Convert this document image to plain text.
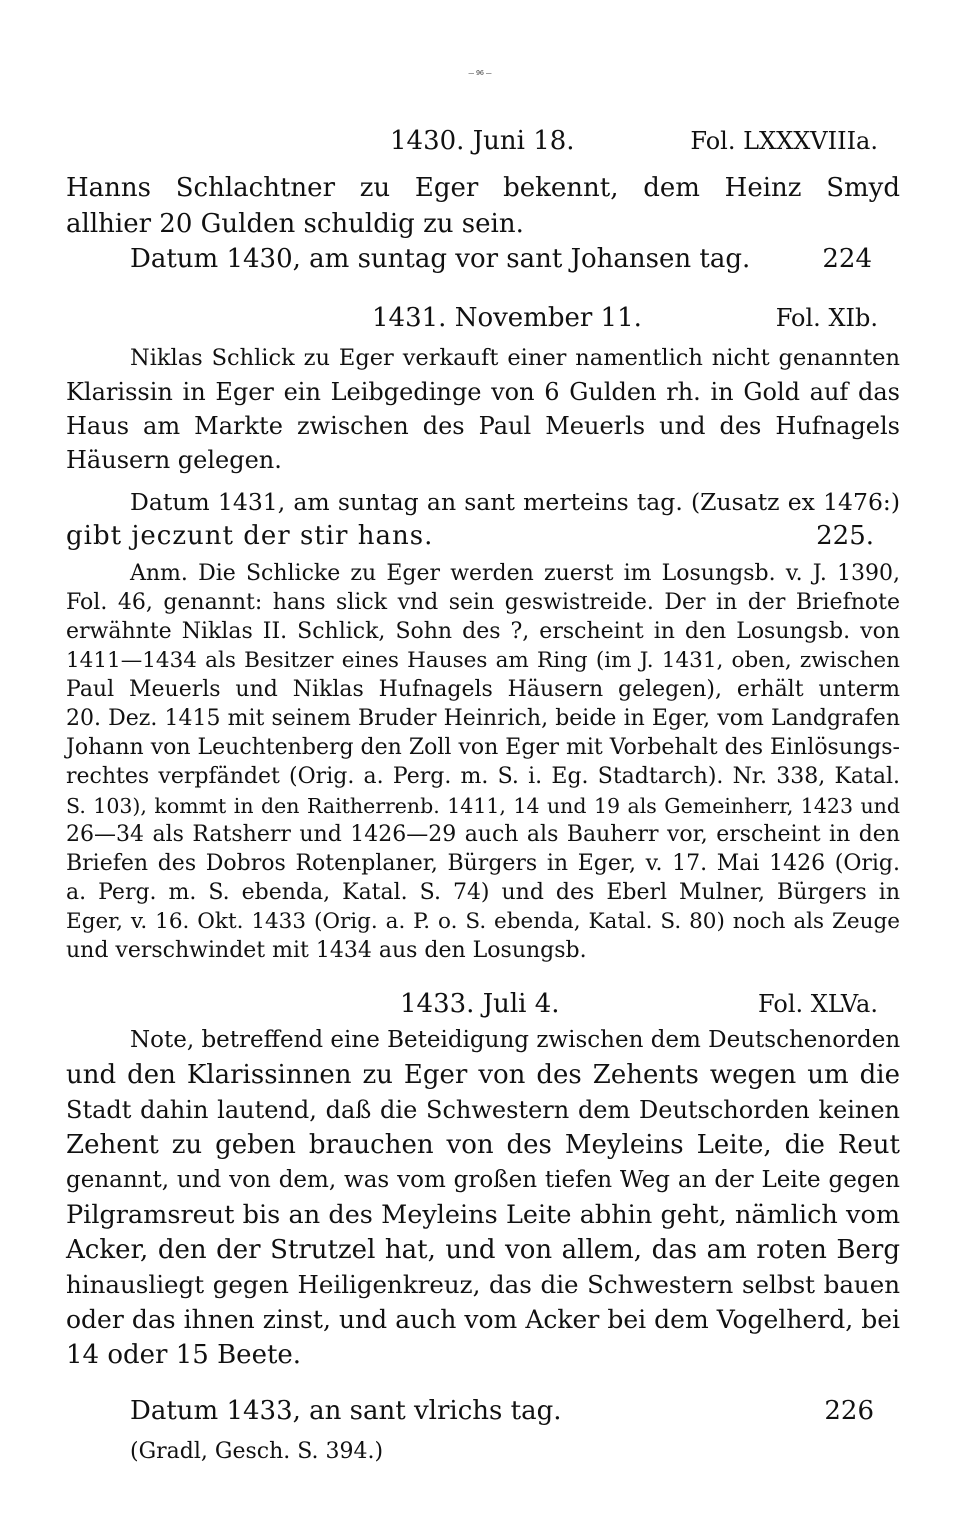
— 96 —
1430. Juni 18.	Fol. LXXXVIIIa.
Hanns Schlachtner zu Eger bekennt, dem Heinz Smyd
allhier 20 Gulden schuldig zu sein.
Datum 1430, am suntag vor sant Johansen tag.	224
1431. November 11.	Fol. XIb.
Niklas Schlick zu Eger verkauft einer namentlich nicht genannten
Klarissin in Eger ein Leibgedinge von 6 Gulden rh. in Gold auf das
Haus am Markte zwischen des Paul Meuerls und des Hufnagels
Häusern gelegen.
Datum 1431, am suntag an sant merteins tag. (Zusatz ex 1476:)
gibt jeczunt der stir hans.	225.
Anm. Die Schlicke zu Eger werden zuerst im Losungsb. v. J. 1390,
Fol. 46, genannt: hans slick vnd sein geswistreide. Der in der Briefnote
erwähnte Niklas II. Schlick, Sohn des ?, erscheint in den Losungsb. von
1411—1434 als Besitzer eines Hauses am Ring (im J. 1431, oben, zwischen
Paul Meuerls und Niklas Hufnagels Häusern gelegen), erhält unterm
20. Dez. 1415 mit seinem Bruder Heinrich, beide in Eger, vom Landgrafen
Johann von Leuchtenberg den Zoll von Eger mit Vorbehalt des Einlösungs-
rechtes verpfändet (Orig. a. Perg. m. S. i. Eg. Stadtarch). Nr. 338, Katal.
S. 103), kommt in den Raitherrenb. 1411, 14 und 19 als Gemeinherr, 1423 und
26—34 als Ratsherr und 1426—29 auch als Bauherr vor, erscheint in den
Briefen des Dobros Rotenplaner, Bürgers in Eger, v. 17. Mai 1426 (Orig.
a. Perg. m. S. ebenda, Katal. S. 74) und des Eberl Mulner, Bürgers in
Eger, v. 16. Okt. 1433 (Orig. a. P. o. S. ebenda, Katal. S. 80) noch als Zeuge
und verschwindet mit 1434 aus den Losungsb.
1433. Juli 4.	Fol. XLVa.
Note, betreffend eine Beteidigung zwischen dem Deutschenorden
und den Klarissinnen zu Eger von des Zehents wegen um die
Stadt dahin lautend, daß die Schwestern dem Deutschorden keinen
Zehent zu geben brauchen von des Meyleins Leite, die Reut
genannt, und von dem, was vom großen tiefen Weg an der Leite gegen
Pilgramsreut bis an des Meyleins Leite abhin geht, nämlich vom
Acker, den der Strutzel hat, und von allem, das am roten Berg
hinausliegt gegen Heiligenkreuz, das die Schwestern selbst bauen
oder das ihnen zinst, und auch vom Acker bei dem Vogelherd, bei
14 oder 15 Beete.
Datum 1433, an sant vlrichs tag.	226
(Gradl, Gesch. S. 394.)
